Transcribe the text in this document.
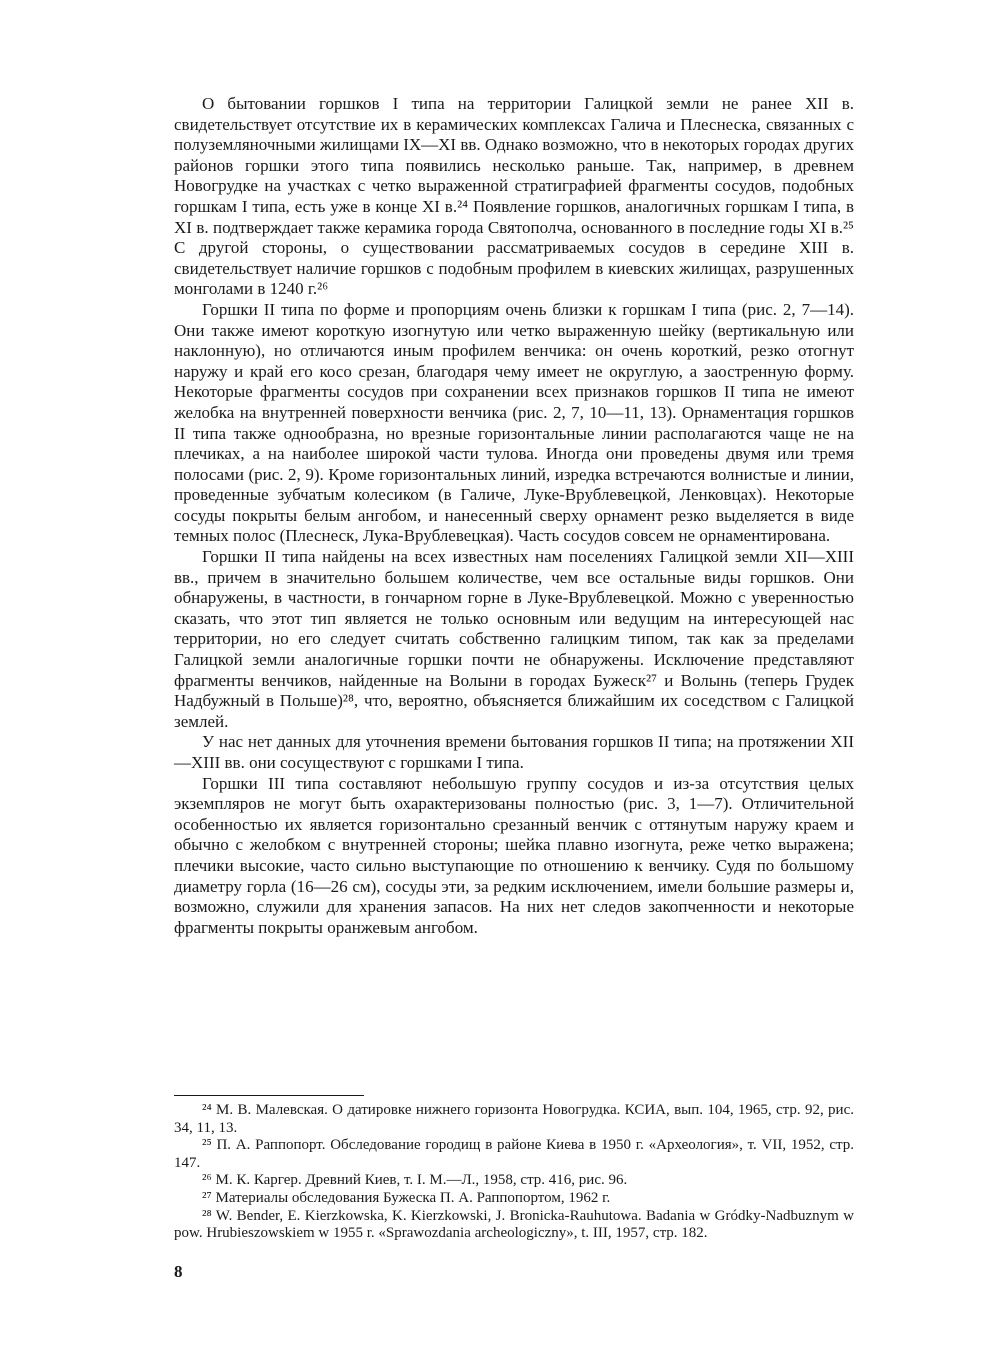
О бытовании горшков I типа на территории Галицкой земли не ранее XII в. свидетельствует отсутствие их в керамических комплексах Галича и Плеснеска, связанных с полуземляночными жилищами IX—XI вв. Однако возможно, что в некоторых городах других районов горшки этого типа появились несколько раньше. Так, например, в древнем Новогрудке на участках с четко выраженной стратиграфией фрагменты сосудов, подобных горшкам I типа, есть уже в конце XI в.²⁴ Появление горшков, аналогичных горшкам I типа, в XI в. подтверждает также керамика города Святополча, основанного в последние годы XI в.²⁵ С другой стороны, о существовании рассматриваемых сосудов в середине XIII в. свидетельствует наличие горшков с подобным профилем в киевских жилищах, разрушенных монголами в 1240 г.²⁶

Горшки II типа по форме и пропорциям очень близки к горшкам I типа (рис. 2, 7—14). Они также имеют короткую изогнутую или четко выраженную шейку (вертикальную или наклонную), но отличаются иным профилем венчика: он очень короткий, резко отогнут наружу и край его косо срезан, благодаря чему имеет не округлую, а заостренную форму. Некоторые фрагменты сосудов при сохранении всех признаков горшков II типа не имеют желобка на внутренней поверхности венчика (рис. 2, 7, 10—11, 13). Орнаментация горшков II типа также однообразна, но врезные горизонтальные линии располагаются чаще не на плечиках, а на наиболее широкой части тулова. Иногда они проведены двумя или тремя полосами (рис. 2, 9). Кроме горизонтальных линий, изредка встречаются волнистые и линии, проведенные зубчатым колесиком (в Галиче, Луке-Врублевецкой, Ленковцах). Некоторые сосуды покрыты белым ангобом, и нанесенный сверху орнамент резко выделяется в виде темных полос (Плеснеск, Лука-Врублевецкая). Часть сосудов совсем не орнаментирована.

Горшки II типа найдены на всех известных нам поселениях Галицкой земли XII—XIII вв., причем в значительно большем количестве, чем все остальные виды горшков. Они обнаружены, в частности, в гончарном горне в Луке-Врублевецкой. Можно с уверенностью сказать, что этот тип является не только основным или ведущим на интересующей нас территории, но его следует считать собственно галицким типом, так как за пределами Галицкой земли аналогичные горшки почти не обнаружены. Исключение представляют фрагменты венчиков, найденные на Волыни в городах Бужеск²⁷ и Волынь (теперь Грудек Надбужный в Польше)²⁸, что, вероятно, объясняется ближайшим их соседством с Галицкой землей.

У нас нет данных для уточнения времени бытования горшков II типа; на протяжении XII—XIII вв. они сосуществуют с горшками I типа.

Горшки III типа составляют небольшую группу сосудов и из-за отсутствия целых экземпляров не могут быть охарактеризованы полностью (рис. 3, 1—7). Отличительной особенностью их является горизонтально срезанный венчик с оттянутым наружу краем и обычно с желобком с внутренней стороны; шейка плавно изогнута, реже четко выражена; плечики высокие, часто сильно выступающие по отношению к венчику. Судя по большому диаметру горла (16—26 см), сосуды эти, за редким исключением, имели большие размеры и, возможно, служили для хранения запасов. На них нет следов закопченности и некоторые фрагменты покрыты оранжевым ангобом.

²⁴ М. В. Малевская. О датировке нижнего горизонта Новогрудка. КСИА, вып. 104, 1965, стр. 92, рис. 34, 11, 13.

²⁵ П. А. Раппопорт. Обследование городищ в районе Киева в 1950 г. «Археология», т. VII, 1952, стр. 147.

²⁶ М. К. Каргер. Древний Киев, т. I. М.—Л., 1958, стр. 416, рис. 96.

²⁷ Материалы обследования Бужеска П. А. Раппопортом, 1962 г.

²⁸ W. Bender, E. Kierzkowska, K. Kierzkowski, J. Bronicka-Rauhutowa. Badania w Gródky-Nadbuznym w pow. Hrubieszowskiem w 1955 r. «Sprawozdania archeologiczny», t. III, 1957, стр. 182.

8
